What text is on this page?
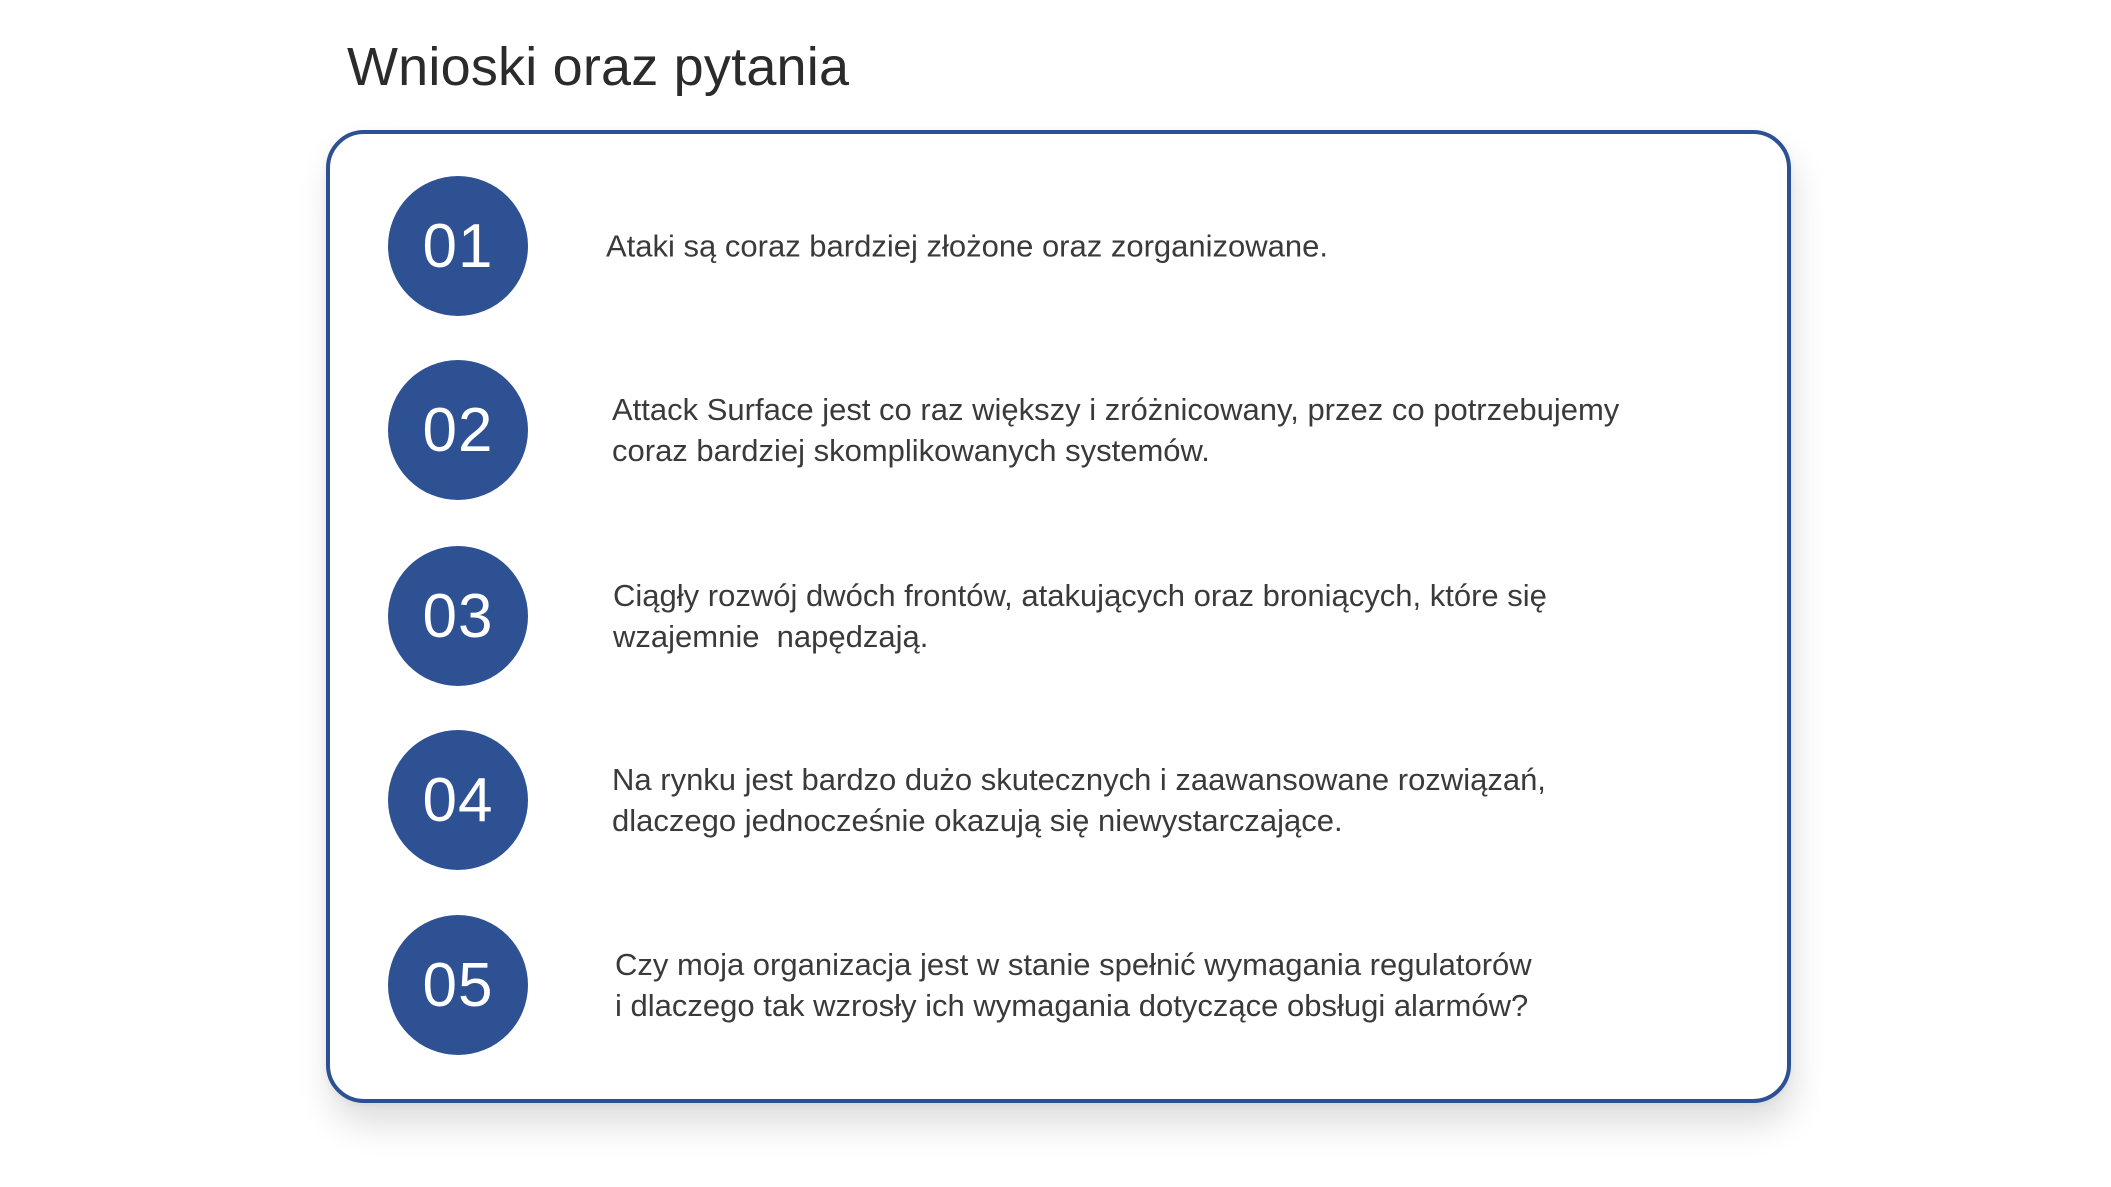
Wnioski oraz pytania
01	Ataki są coraz bardziej złożone oraz zorganizowane.
02	Attack Surface jest co raz większy i zróżnicowany, przez co potrzebujemy
coraz bardziej skomplikowanych systemów.
03	Ciągły rozwój dwóch frontów, atakujących oraz broniących, które się
wzajemnie  napędzają.
04	Na rynku jest bardzo dużo skutecznych i zaawansowane rozwiązań,
dlaczego jednocześnie okazują się niewystarczające.
05	Czy moja organizacja jest w stanie spełnić wymagania regulatorów
i dlaczego tak wzrosły ich wymagania dotyczące obsługi alarmów?
